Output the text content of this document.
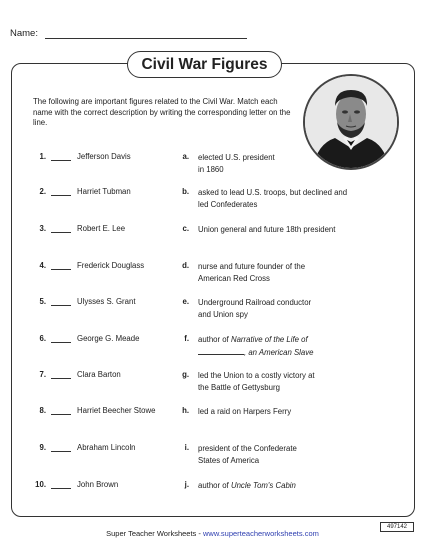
Name:
Civil War Figures
The following are important figures related to the Civil War. Match each name with the correct description by writing the corresponding letter on the line.
1.	Jefferson Davis	a. elected U.S. president
in 1860
2.	Harriet Tubman	b. asked to lead U.S. troops, but declined and
led Confederates
3.	Robert E. Lee	c. Union general and future 18th president
4.	Frederick Douglass	d. nurse and future founder of the
American Red Cross
5.	Ulysses S. Grant	e. Underground Railroad conductor
and Union spy
6.	George G. Meade	f. author of Narrative of the Life of
, an American Slave
7.	Clara Barton	g. led the Union to a costly victory at
the Battle of Gettysburg
8.	Harriet Beecher Stowe	h. led a raid on Harpers Ferry
9.	Abraham Lincoln	i. president of the Confederate
States of America
10.	John Brown	j. author of Uncle Tom's Cabin
Super Teacher Worksheets - www.superteacherworksheets.com
497142
